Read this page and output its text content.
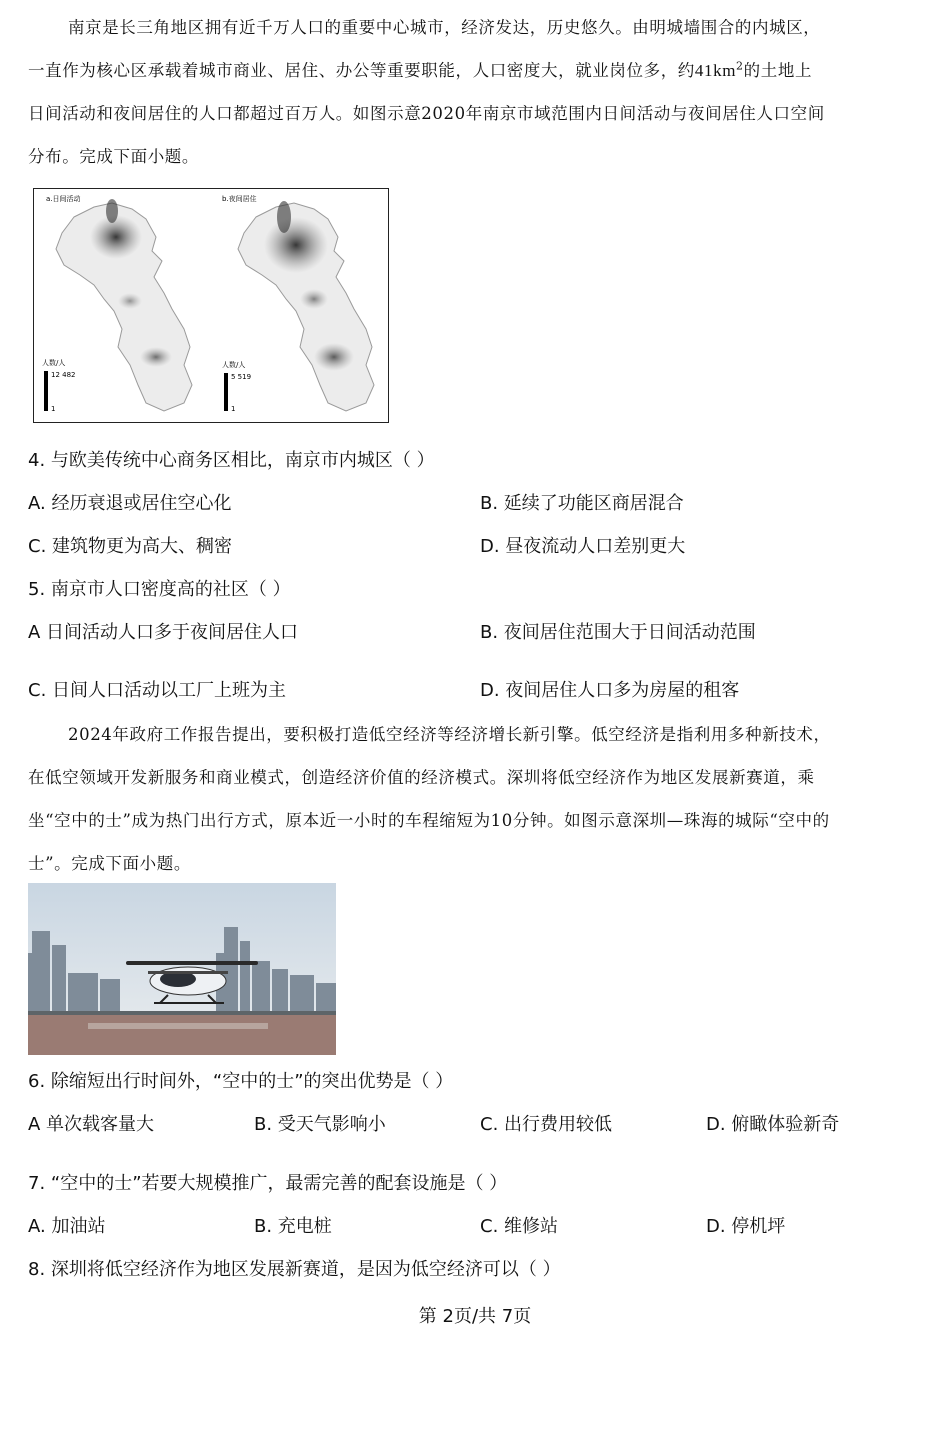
南京是长三角地区拥有近千万人口的重要中心城市，经济发达，历史悠久。由明城墙围合的内城区，
一直作为核心区承载着城市商业、居住、办公等重要职能，人口密度大，就业岗位多，约$41km^2$的土地上
日间活动和夜间居住的人口都超过百万人。如图示意2020年南京市域范围内日间活动与夜间居住人口空间
分布。完成下面小题。
a.日间活动	b.夜间居住
人数/人
12 482
1
人数/人
5 519
1
4. 与欧美传统中心商务区相比，南京市内城区（ ）
A. 经历衰退或居住空心化	B. 延续了功能区商居混合
C. 建筑物更为高大、稠密	D. 昼夜流动人口差别更大
5. 南京市人口密度高的社区（ ）
A 日间活动人口多于夜间居住人口	B. 夜间居住范围大于日间活动范围
C. 日间人口活动以工厂上班为主	D. 夜间居住人口多为房屋的租客
2024年政府工作报告提出，要积极打造低空经济等经济增长新引擎。低空经济是指利用多种新技术，
在低空领域开发新服务和商业模式，创造经济价值的经济模式。深圳将低空经济作为地区发展新赛道，乘
坐“空中的士”成为热门出行方式，原本近一小时的车程缩短为10分钟。如图示意深圳—珠海的城际“空中的
士”。完成下面小题。
6. 除缩短出行时间外，“空中的士”的突出优势是（ ）
A 单次载客量大	B. 受天气影响小	C. 出行费用较低	D. 俯瞰体验新奇
7. “空中的士”若要大规模推广，最需完善的配套设施是（ ）
A. 加油站	B. 充电桩	C. 维修站	D. 停机坪
8. 深圳将低空经济作为地区发展新赛道，是因为低空经济可以（ ）
第 2页/共 7页
